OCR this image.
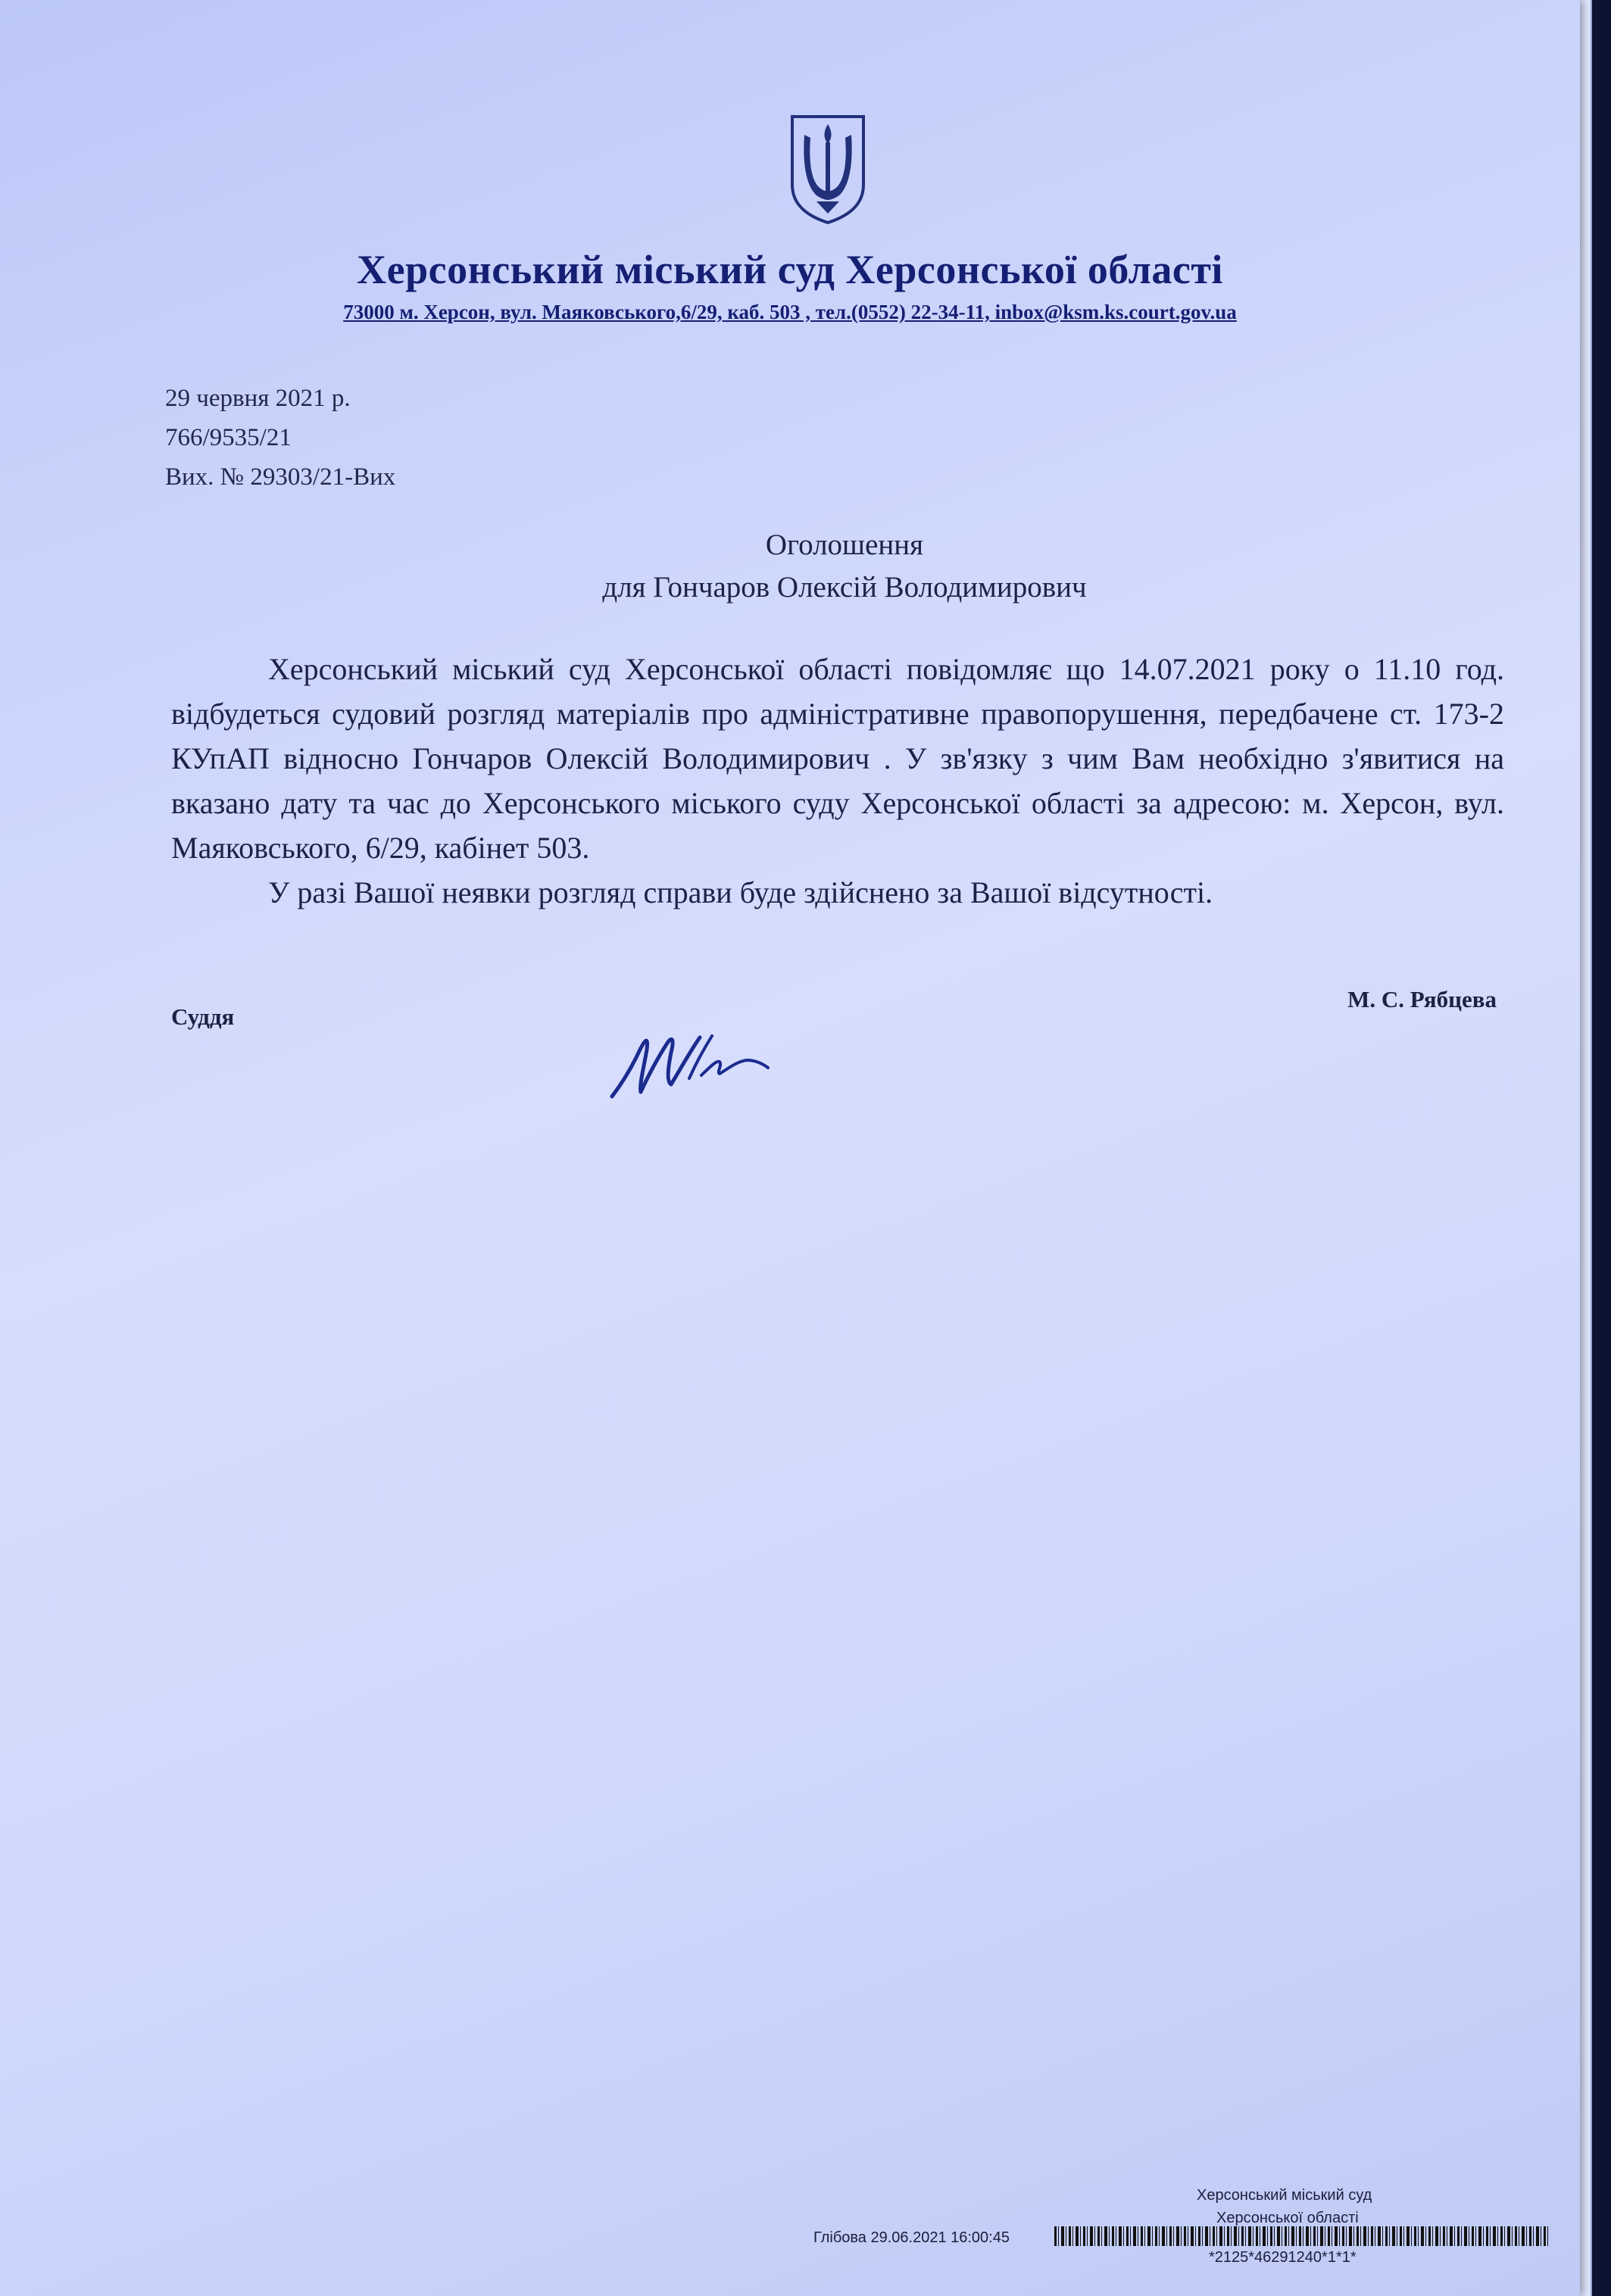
Херсонський міський суд Херсонської області
73000 м. Херсон, вул. Маяковського,6/29, каб. 503 , тел.(0552) 22-34-11, inbox@ksm.ks.court.gov.ua
29 червня 2021 р.
766/9535/21
Вих. № 29303/21-Вих
Оголошення
для Гончаров Олексій Володимирович

Херсонський міський суд Херсонської області повідомляє що 14.07.2021 року о 11.10 год. відбудеться судовий розгляд матеріалів про адміністративне правопорушення, передбачене ст. 173-2 КУпАП відносно Гончаров Олексій Володимирович . У зв'язку з чим Вам необхідно з'явитися на вказано дату та час до Херсонського міського суду Херсонської області за адресою: м. Херсон, вул. Маяковського, 6/29, кабінет 503.

У разі Вашої неявки розгляд справи буде здійснено за Вашої відсутності.

Суддя
М. С. Рябцева
Херсонський міський суд
Херсонської області
Глібова 29.06.2021 16:00:45
*2125*46291240*1*1*
